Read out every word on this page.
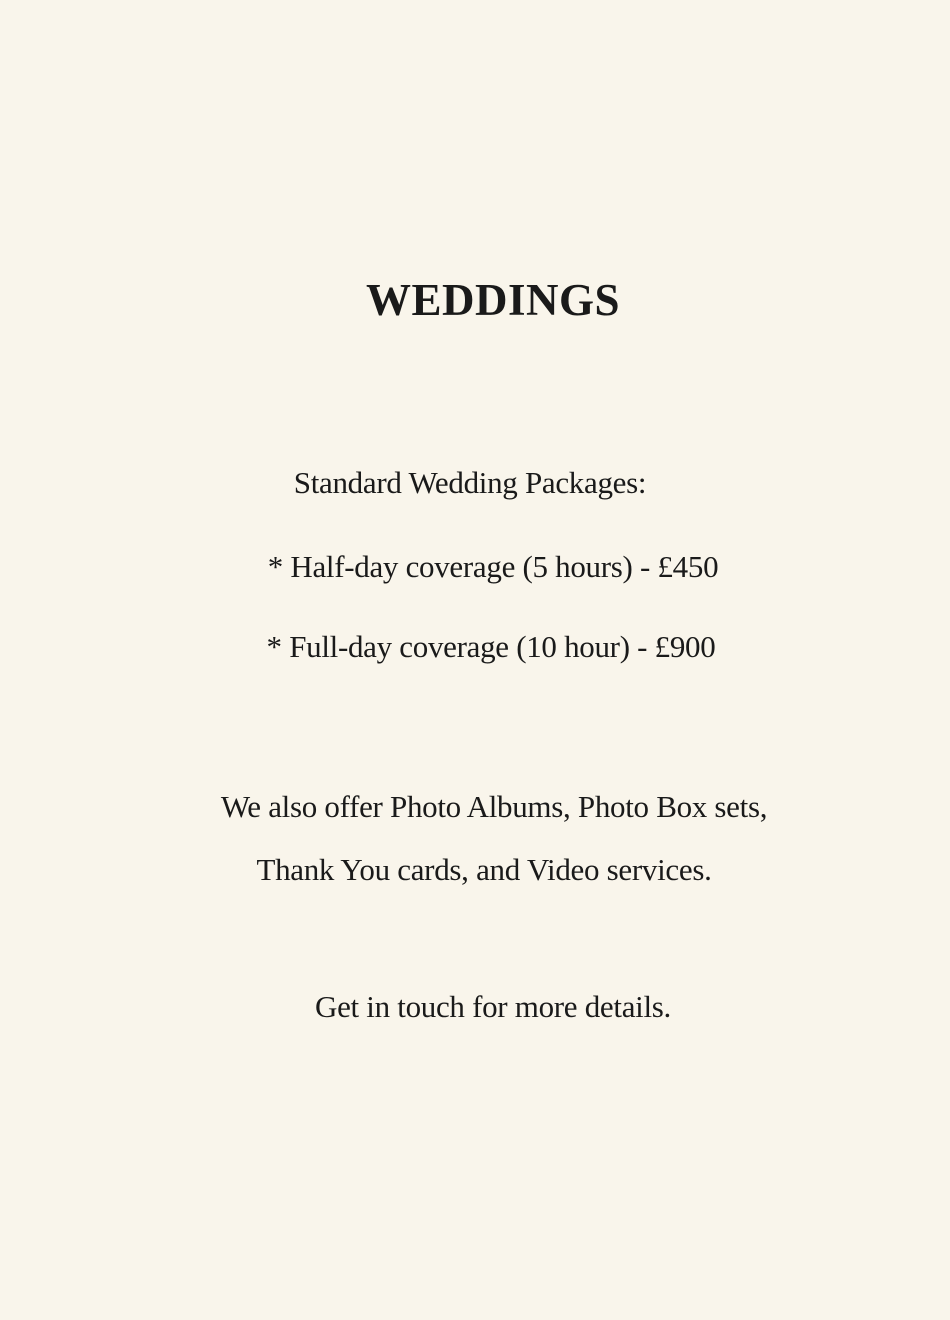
WEDDINGS

Standard Wedding Packages:

* Half-day coverage (5 hours) - £450

* Full-day coverage (10 hour) - £900

We also offer Photo Albums, Photo Box sets,

Thank You cards, and Video services.

Get in touch for more details.
